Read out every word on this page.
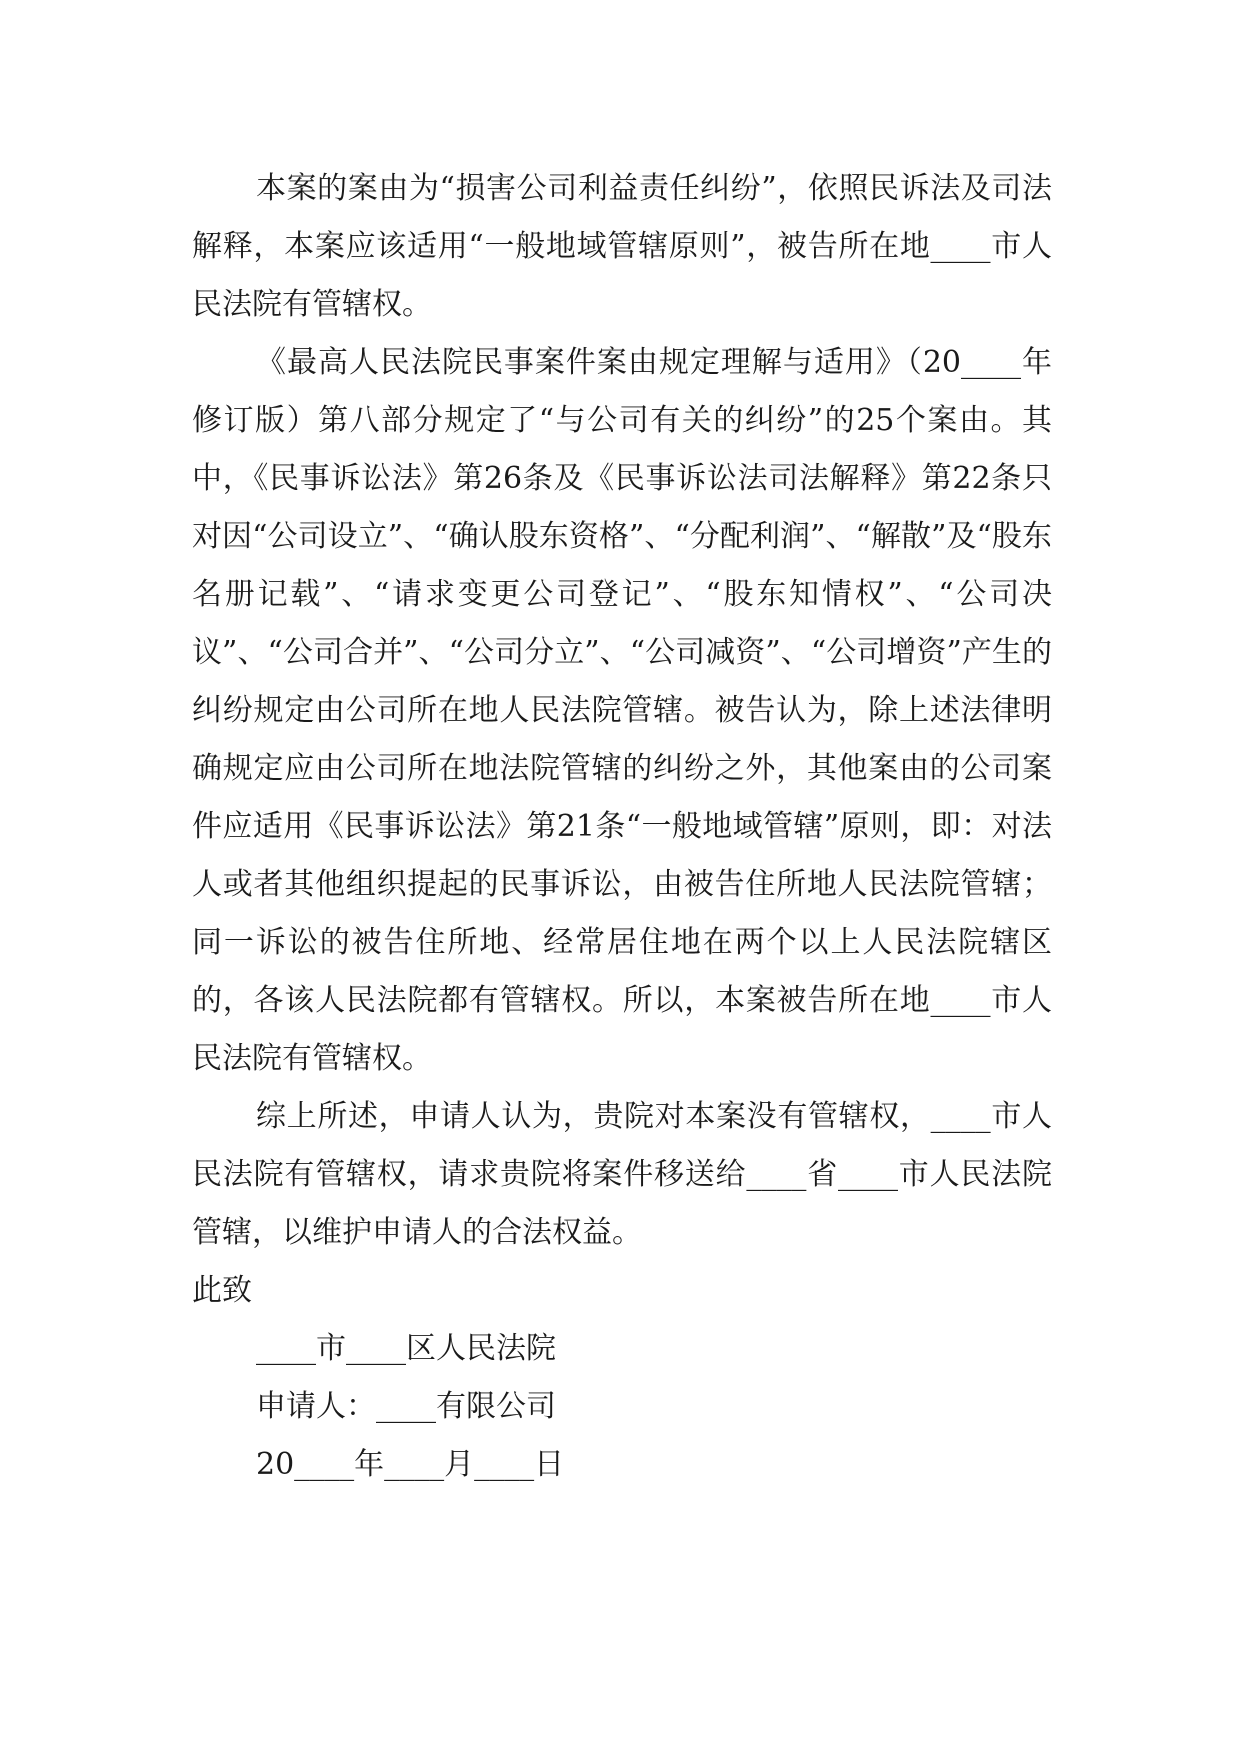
本案的案由为“损害公司利益责任纠纷”，依照民诉法及司法解释，本案应该适用“一般地域管辖原则”，被告所在地____市人民法院有管辖权。

《最高人民法院民事案件案由规定理解与适用》（20____年修订版）第八部分规定了“与公司有关的纠纷”的25个案由。其中，《民事诉讼法》第26条及《民事诉讼法司法解释》第22条只对因“公司设立”、“确认股东资格”、“分配利润”、“解散”及“股东名册记载”、“请求变更公司登记”、“股东知情权”、“公司决议”、“公司合并”、“公司分立”、“公司减资”、“公司增资”产生的纠纷规定由公司所在地人民法院管辖。被告认为，除上述法律明确规定应由公司所在地法院管辖的纠纷之外，其他案由的公司案件应适用《民事诉讼法》第21条“一般地域管辖”原则，即：对法人或者其他组织提起的民事诉讼，由被告住所地人民法院管辖；同一诉讼的被告住所地、经常居住地在两个以上人民法院辖区的，各该人民法院都有管辖权。所以，本案被告所在地____市人民法院有管辖权。

综上所述，申请人认为，贵院对本案没有管辖权，____市人民法院有管辖权，请求贵院将案件移送给____省____市人民法院管辖，以维护申请人的合法权益。

此致

____市____区人民法院

申请人：____有限公司

20____年____月____日
